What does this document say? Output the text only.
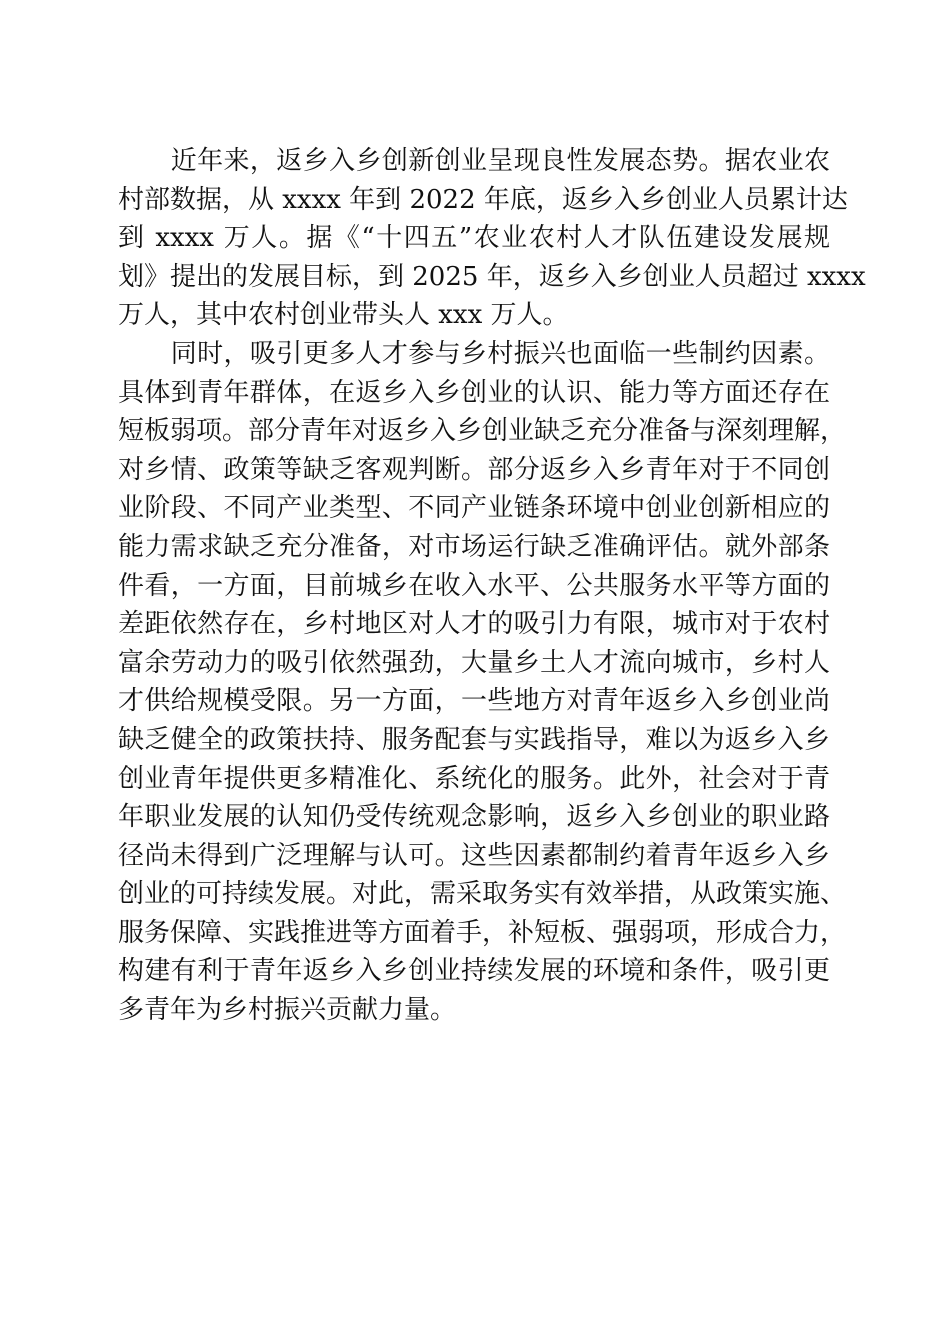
　　近年来，返乡入乡创新创业呈现良性发展态势。据农业农
村部数据，从 xxxx 年到 2022 年底，返乡入乡创业人员累计达
到 xxxx 万人。据《“十四五”农业农村人才队伍建设发展规
划》提出的发展目标，到 2025 年，返乡入乡创业人员超过 xxxx
万人，其中农村创业带头人 xxx 万人。
　　同时，吸引更多人才参与乡村振兴也面临一些制约因素。
具体到青年群体，在返乡入乡创业的认识、能力等方面还存在
短板弱项。部分青年对返乡入乡创业缺乏充分准备与深刻理解，
对乡情、政策等缺乏客观判断。部分返乡入乡青年对于不同创
业阶段、不同产业类型、不同产业链条环境中创业创新相应的
能力需求缺乏充分准备，对市场运行缺乏准确评估。就外部条
件看，一方面，目前城乡在收入水平、公共服务水平等方面的
差距依然存在，乡村地区对人才的吸引力有限，城市对于农村
富余劳动力的吸引依然强劲，大量乡土人才流向城市，乡村人
才供给规模受限。另一方面，一些地方对青年返乡入乡创业尚
缺乏健全的政策扶持、服务配套与实践指导，难以为返乡入乡
创业青年提供更多精准化、系统化的服务。此外，社会对于青
年职业发展的认知仍受传统观念影响，返乡入乡创业的职业路
径尚未得到广泛理解与认可。这些因素都制约着青年返乡入乡
创业的可持续发展。对此，需采取务实有效举措，从政策实施、
服务保障、实践推进等方面着手，补短板、强弱项，形成合力，
构建有利于青年返乡入乡创业持续发展的环境和条件，吸引更
多青年为乡村振兴贡献力量。
